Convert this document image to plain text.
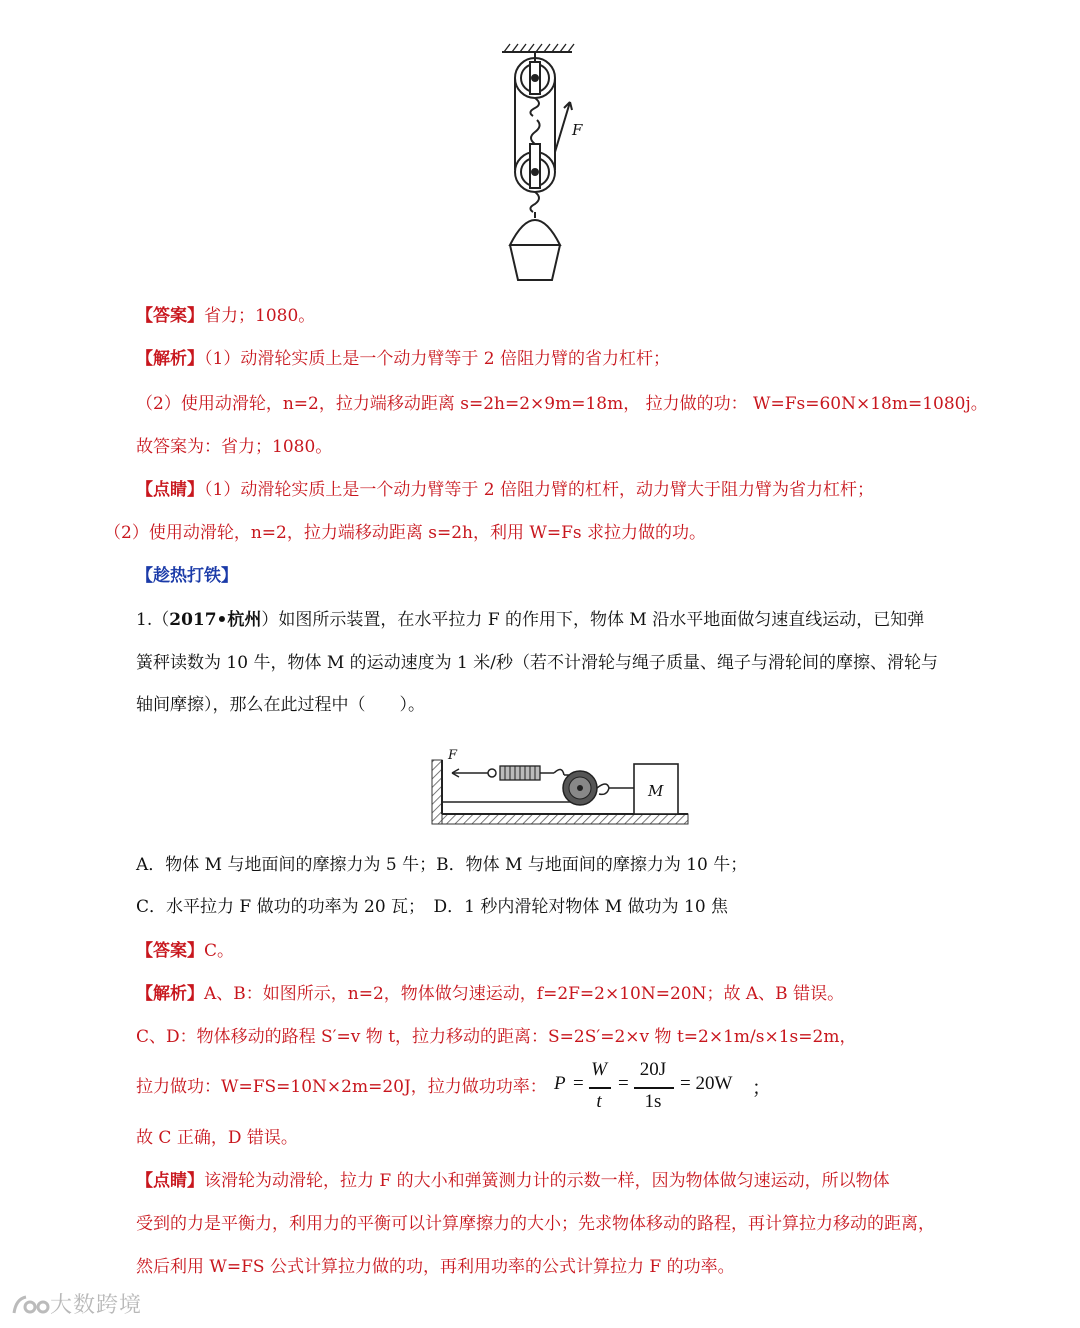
F
【答案】省力；1080。
【解析】（1）动滑轮实质上是一个动力臂等于 2 倍阻力臂的省力杠杆；
（2）使用动滑轮，n=2，拉力端移动距离 s=2h=2×9m=18m， 拉力做的功： W=Fs=60N×18m=1080j。
故答案为：省力；1080。
【点睛】（1）动滑轮实质上是一个动力臂等于 2 倍阻力臂的杠杆，动力臂大于阻力臂为省力杠杆；
（2）使用动滑轮，n=2，拉力端移动距离 s=2h，利用 W=Fs 求拉力做的功。
【趁热打铁】
1.（2017•杭州）如图所示装置，在水平拉力 F 的作用下，物体 M 沿水平地面做匀速直线运动，已知弹
簧秤读数为 10 牛，物体 M 的运动速度为 1 米/秒（若不计滑轮与绳子质量、绳子与滑轮间的摩擦、滑轮与
轴间摩擦），那么在此过程中（　　）。
F
M
A．物体 M 与地面间的摩擦力为 5 牛；B．物体 M 与地面间的摩擦力为 10 牛；
C．水平拉力 F 做功的功率为 20 瓦；　D．1 秒内滑轮对物体 M 做功为 10 焦
【答案】C。
【解析】A、B：如图所示，n=2，物体做匀速运动，f=2F=2×10N=20N；故 A、B 错误。
C、D：物体移动的路程 S′=v 物 t，拉力移动的距离：S=2S′=2×v 物 t=2×1m/s×1s=2m，
拉力做功：W=FS=10N×2m=20J，拉力做功功率： P =
W
t
=
20J
1s
= 20W ；
故 C 正确，D 错误。
【点睛】该滑轮为动滑轮，拉力 F 的大小和弹簧测力计的示数一样，因为物体做匀速运动，所以物体
受到的力是平衡力，利用力的平衡可以计算摩擦力的大小；先求物体移动的路程，再计算拉力移动的距离，
然后利用 W=FS 公式计算拉力做的功，再利用功率的公式计算拉力 F 的功率。
大数跨境
